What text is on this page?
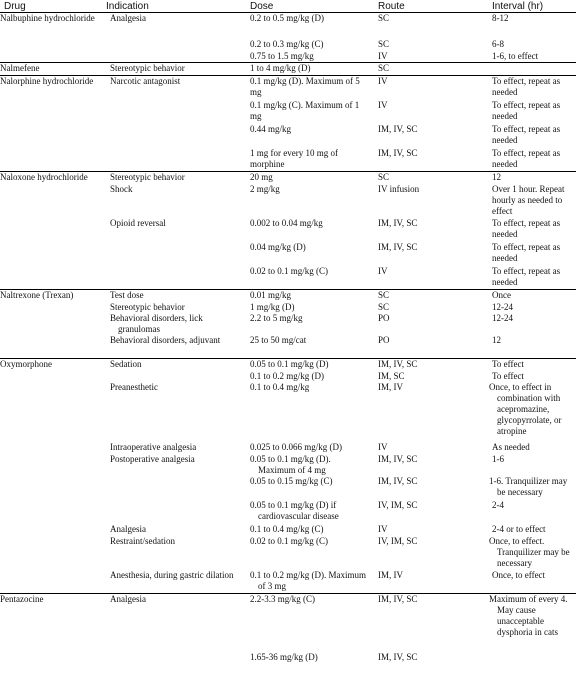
Drug	Indication	Dose	Route	Interval (hr)
Nalbuphine hydrochloride	Analgesia	0.2 to 0.5 mg/kg (D)	SC	8-12
		0.2 to 0.3 mg/kg (C)	SC	6-8
		0.75 to 1.5 mg/kg	IV	1-6, to effect
Nalmefene	Stereotypic behavior	1 to 4 mg/kg (D)	SC	
Nalorphine hydrochloride	Narcotic antagonist	0.1 mg/kg (D). Maximum of 5 mg	IV	To effect, repeat as needed
		0.1 mg/kg (C). Maximum of 1 mg	IV	To effect, repeat as needed
		0.44 mg/kg	IM, IV, SC	To effect, repeat as needed
		1 mg for every 10 mg of morphine	IM, IV, SC	To effect, repeat as needed
Naloxone hydrochloride	Stereotypic behavior	20 mg	SC	12
	Shock	2 mg/kg	IV infusion	Over 1 hour. Repeat hourly as needed to effect
	Opioid reversal	0.002 to 0.04 mg/kg	IM, IV, SC	To effect, repeat as needed
		0.04 mg/kg (D)	IM, IV, SC	To effect, repeat as needed
		0.02 to 0.1 mg/kg (C)	IV	To effect, repeat as needed
Naltrexone (Trexan)	Test dose	0.01 mg/kg	SC	Once
	Stereotypic behavior	1 mg/kg (D)	SC	12-24
	Behavioral disorders, lick granulomas	2.2 to 5 mg/kg	PO	12-24
	Behavioral disorders, adjuvant	25 to 50 mg/cat	PO	12
Oxymorphone	Sedation	0.05 to 0.1 mg/kg (D)	IM, IV, SC	To effect
		0.1 to 0.2 mg/kg (D)	IM, SC	To effect
	Preanesthetic	0.1 to 0.4 mg/kg	IM, IV	Once, to effect in combination with acepromazine, glycopyrrolate, or atropine
	Intraoperative analgesia	0.025 to 0.066 mg/kg (D)	IV	As needed
	Postoperative analgesia	0.05 to 0.1 mg/kg (D). Maximum of 4 mg	IM, IV, SC	1-6
		0.05 to 0.15 mg/kg (C)	IM, IV, SC	1-6. Tranquilizer may be necessary
		0.05 to 0.1 mg/kg (D) if cardiovascular disease	IV, IM, SC	2-4
	Analgesia	0.1 to 0.4 mg/kg (C)	IV	2-4 or to effect
	Restraint/sedation	0.02 to 0.1 mg/kg (C)	IV, IM, SC	Once, to effect. Tranquilizer may be necessary
	Anesthesia, during gastric dilation	0.1 to 0.2 mg/kg (D). Maximum of 3 mg	IM, IV	Once, to effect
Pentazocine	Analgesia	2.2-3.3 mg/kg (C)	IM, IV, SC	Maximum of every 4. May cause unacceptable dysphoria in cats
		1.65-36 mg/kg (D)	IM, IV, SC	
